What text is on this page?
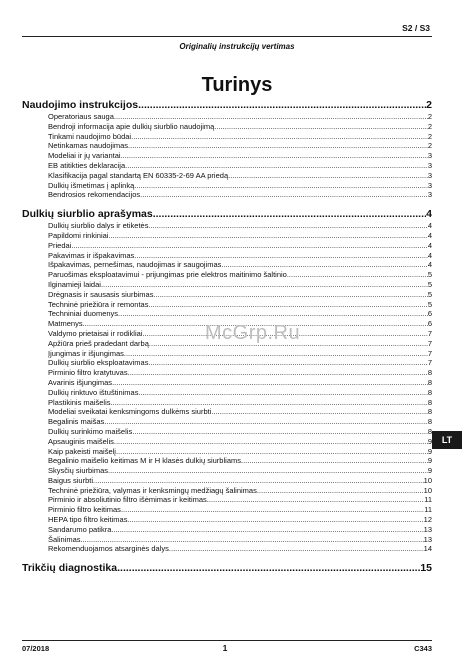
S2 / S3
Originalių instrukcijų vertimas
Turinys
Naudojimo instrukcijos .....	2
Operatoriaus sauga .....	2
Bendroji informacija apie dulkių siurblio naudojimą .....	2
Tinkami naudojimo būdai .....	2
Netinkamas naudojimas .....	2
Modeliai ir jų variantai .....	3
EB atitikties deklaracija .....	3
Klasifikacija pagal standartą EN 60335-2-69 AA priedą .....	3
Dulkių išmetimas į aplinką .....	3
Bendrosios rekomendacijos .....	3
Dulkių siurblio aprašymas .....	4
Dulkių siurblio dalys ir etiketės .....	4
Papildomi rinkiniai .....	4
Priedai .....	4
Pakavimas ir išpakavimas .....	4
Išpakavimas, pernešimas, naudojimas ir saugojimas .....	4
Paruošimas eksploatavimui - prijungimas prie elektros maitinimo šaltinio .....	5
Ilginamieji laidai .....	5
Drėgnasis ir sausasis siurbimas .....	5
Techninė priežiūra ir remontas .....	5
Techniniai duomenys .....	6
Matmenys .....	6
Valdymo prietaisai ir rodikliai .....	7
Apžiūra prieš pradedant darbą .....	7
Įjungimas ir išjungimas .....	7
Dulkių siurblio eksploatavimas .....	7
Pirminio filtro kratytuvas .....	8
Avarinis išjungimas .....	8
Dulkių rinktuvo ištuštinimas .....	8
Plastikinis maišelis .....	8
Modeliai sveikatai kenksmingoms dulkėms siurbti .....	8
Begalinis maišas .....	8
Dulkių surinkimo maišelis .....	8
Apsauginis maišelis .....	9
Kaip pakeisti maišelį .....	9
Begalinio maišelio keitimas M ir H klasės dulkių siurbliams .....	9
Skysčių siurbimas .....	9
Baigus siurbti .....	10
Techninė priežiūra, valymas ir kenksmingų medžiagų šalinimas .....	10
Pirminio ir absoliutinio filtro išėmimas ir keitimas .....	11
Pirminio filtro keitimas .....	11
HEPA tipo filtro keitimas .....	12
Sandarumo patikra .....	13
Šalinimas .....	13
Rekomenduojamos atsarginės dalys .....	14
Trikčių diagnostika .....	15
McGrp.Ru
LT
07/2018	1	C343
